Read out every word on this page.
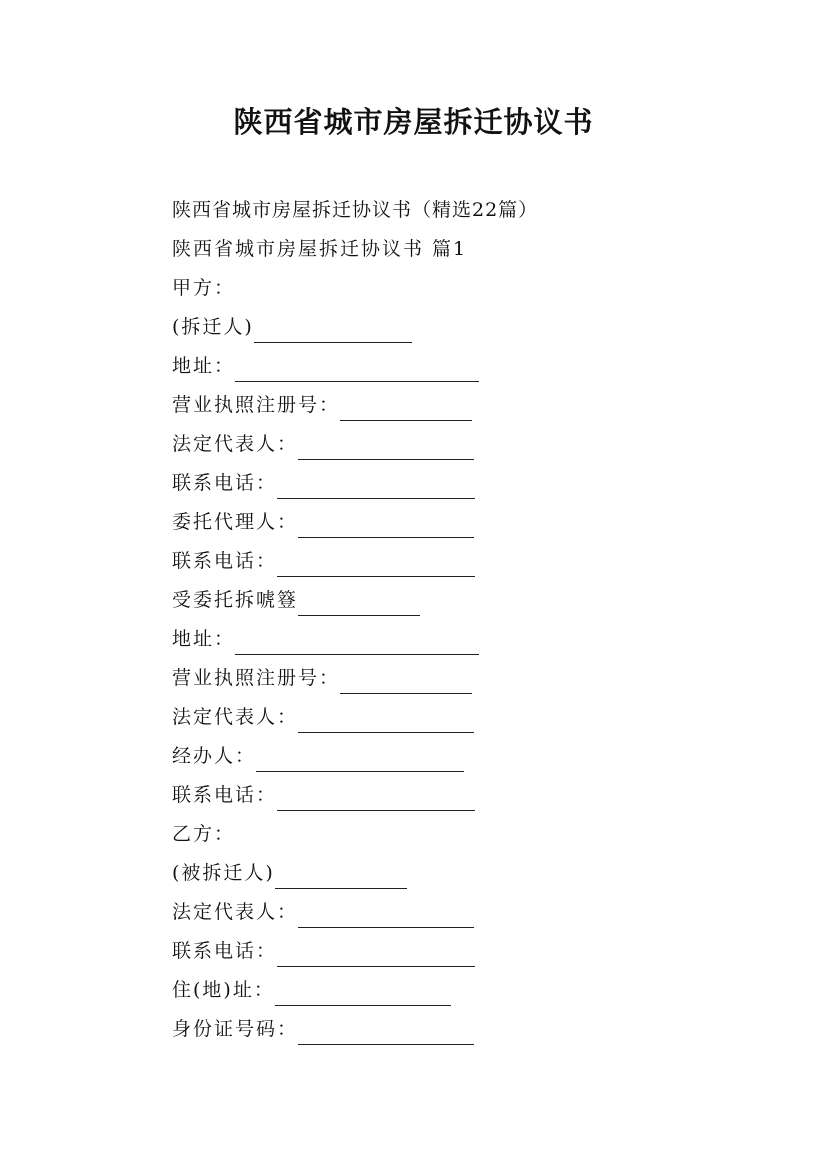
陕西省城市房屋拆迁协议书
陕西省城市房屋拆迁协议书（精选22篇）
陕西省城市房屋拆迁协议书 篇1
甲方：
(拆迁人)
地址：
营业执照注册号：
法定代表人：
联系电话：
委托代理人：
联系电话：
受委托拆唬簦
地址：
营业执照注册号：
法定代表人：
经办人：
联系电话：
乙方：
(被拆迁人)
法定代表人：
联系电话：
住(地)址：
身份证号码：
